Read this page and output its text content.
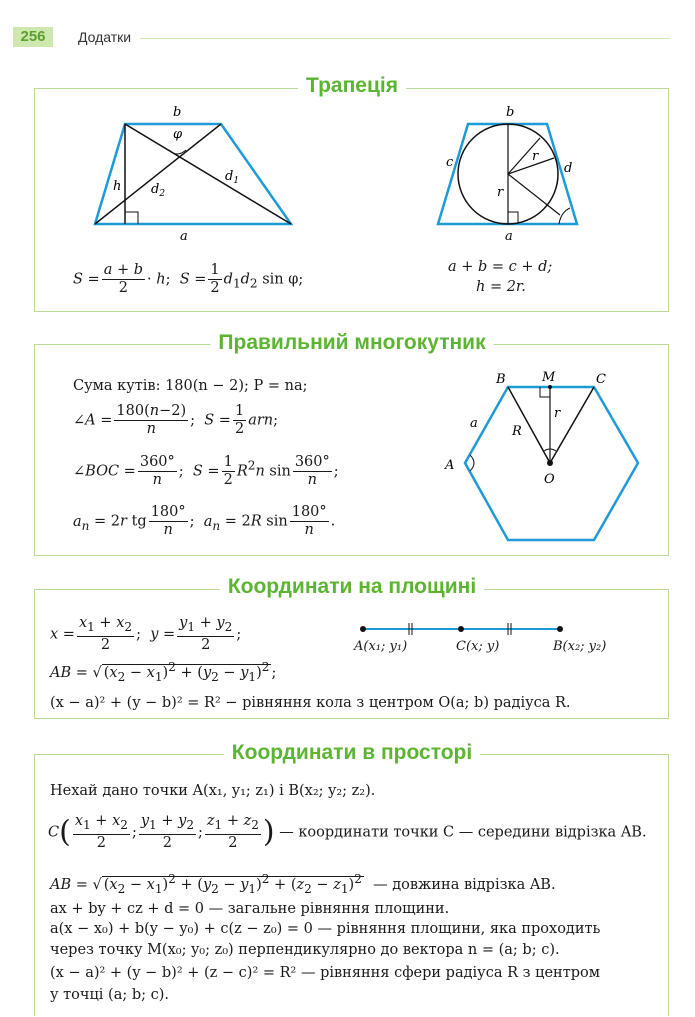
256	Додатки
Трапеція
b
a
φ
h $d_2$
$d_1$
b
a
c	d
r
r
$S = \frac{a + b}{2} \cdot h$;  $S = \frac{1}{2} d_1d_2$ sin φ;
a + b = c + d;
h = 2r.
Правильний многокутник
Сума кутів: 180(n − 2); P = na;
∠A = $\frac{180(n-2)}{n}$ ;  $S = \frac{1}{2}$ arn;
∠BOC = $\frac{360^\circ}{n}$ ;  $S = \frac{1}{2} R^2n$ $\sin \frac{360^\circ}{n}$ ;
$a_n = 2r$ tg $\frac{180^\circ}{n}$ ;  $a_n = 2R$ $\sin \frac{180^\circ}{n}$ .
B	M	C
a
R
r
A
O
Координати на площині
$x = \frac{x_1 + x_2}{2}$ ;  $y = \frac{y_1 + y_2}{2}$ ;
AB = √ $(x_2 - x_1)^2 + (y_2 - y_1)^2$ ;
(x − a)² + (y − b)² = R² − рівняння кола з центром O(a; b) радіуса R.
A(x₁; y₁)	C(x; y)	B(x₂; y₂)
Координати в просторі
Нехай дано точки A(x₁, y₁; z₁) і B(x₂; y₂; z₂).
$C( \frac{x_1 + x_2}{2}$ ; $\frac{y_1 + y_2}{2}$ ; $\frac{z_1 + z_2}{2}$ ) — координати точки C — середини відрізка AB.
AB = √ $(x_2 - x_1)^2 + (y_2 - y_1)^2 + (z_2 - z_1)^2$ — довжина відрізка AB.
ax + by + cz + d = 0 — загальне рівняння площини.
a(x − x₀) + b(y − y₀) + c(z − z₀) = 0 — рівняння площини, яка проходить
через точку M(x₀; y₀; z₀) перпендикулярно до вектора n = (a; b; c).
(x − a)² + (y − b)² + (z − c)² = R² — рівняння сфери радіуса R з центром
у точці (a; b; c).
